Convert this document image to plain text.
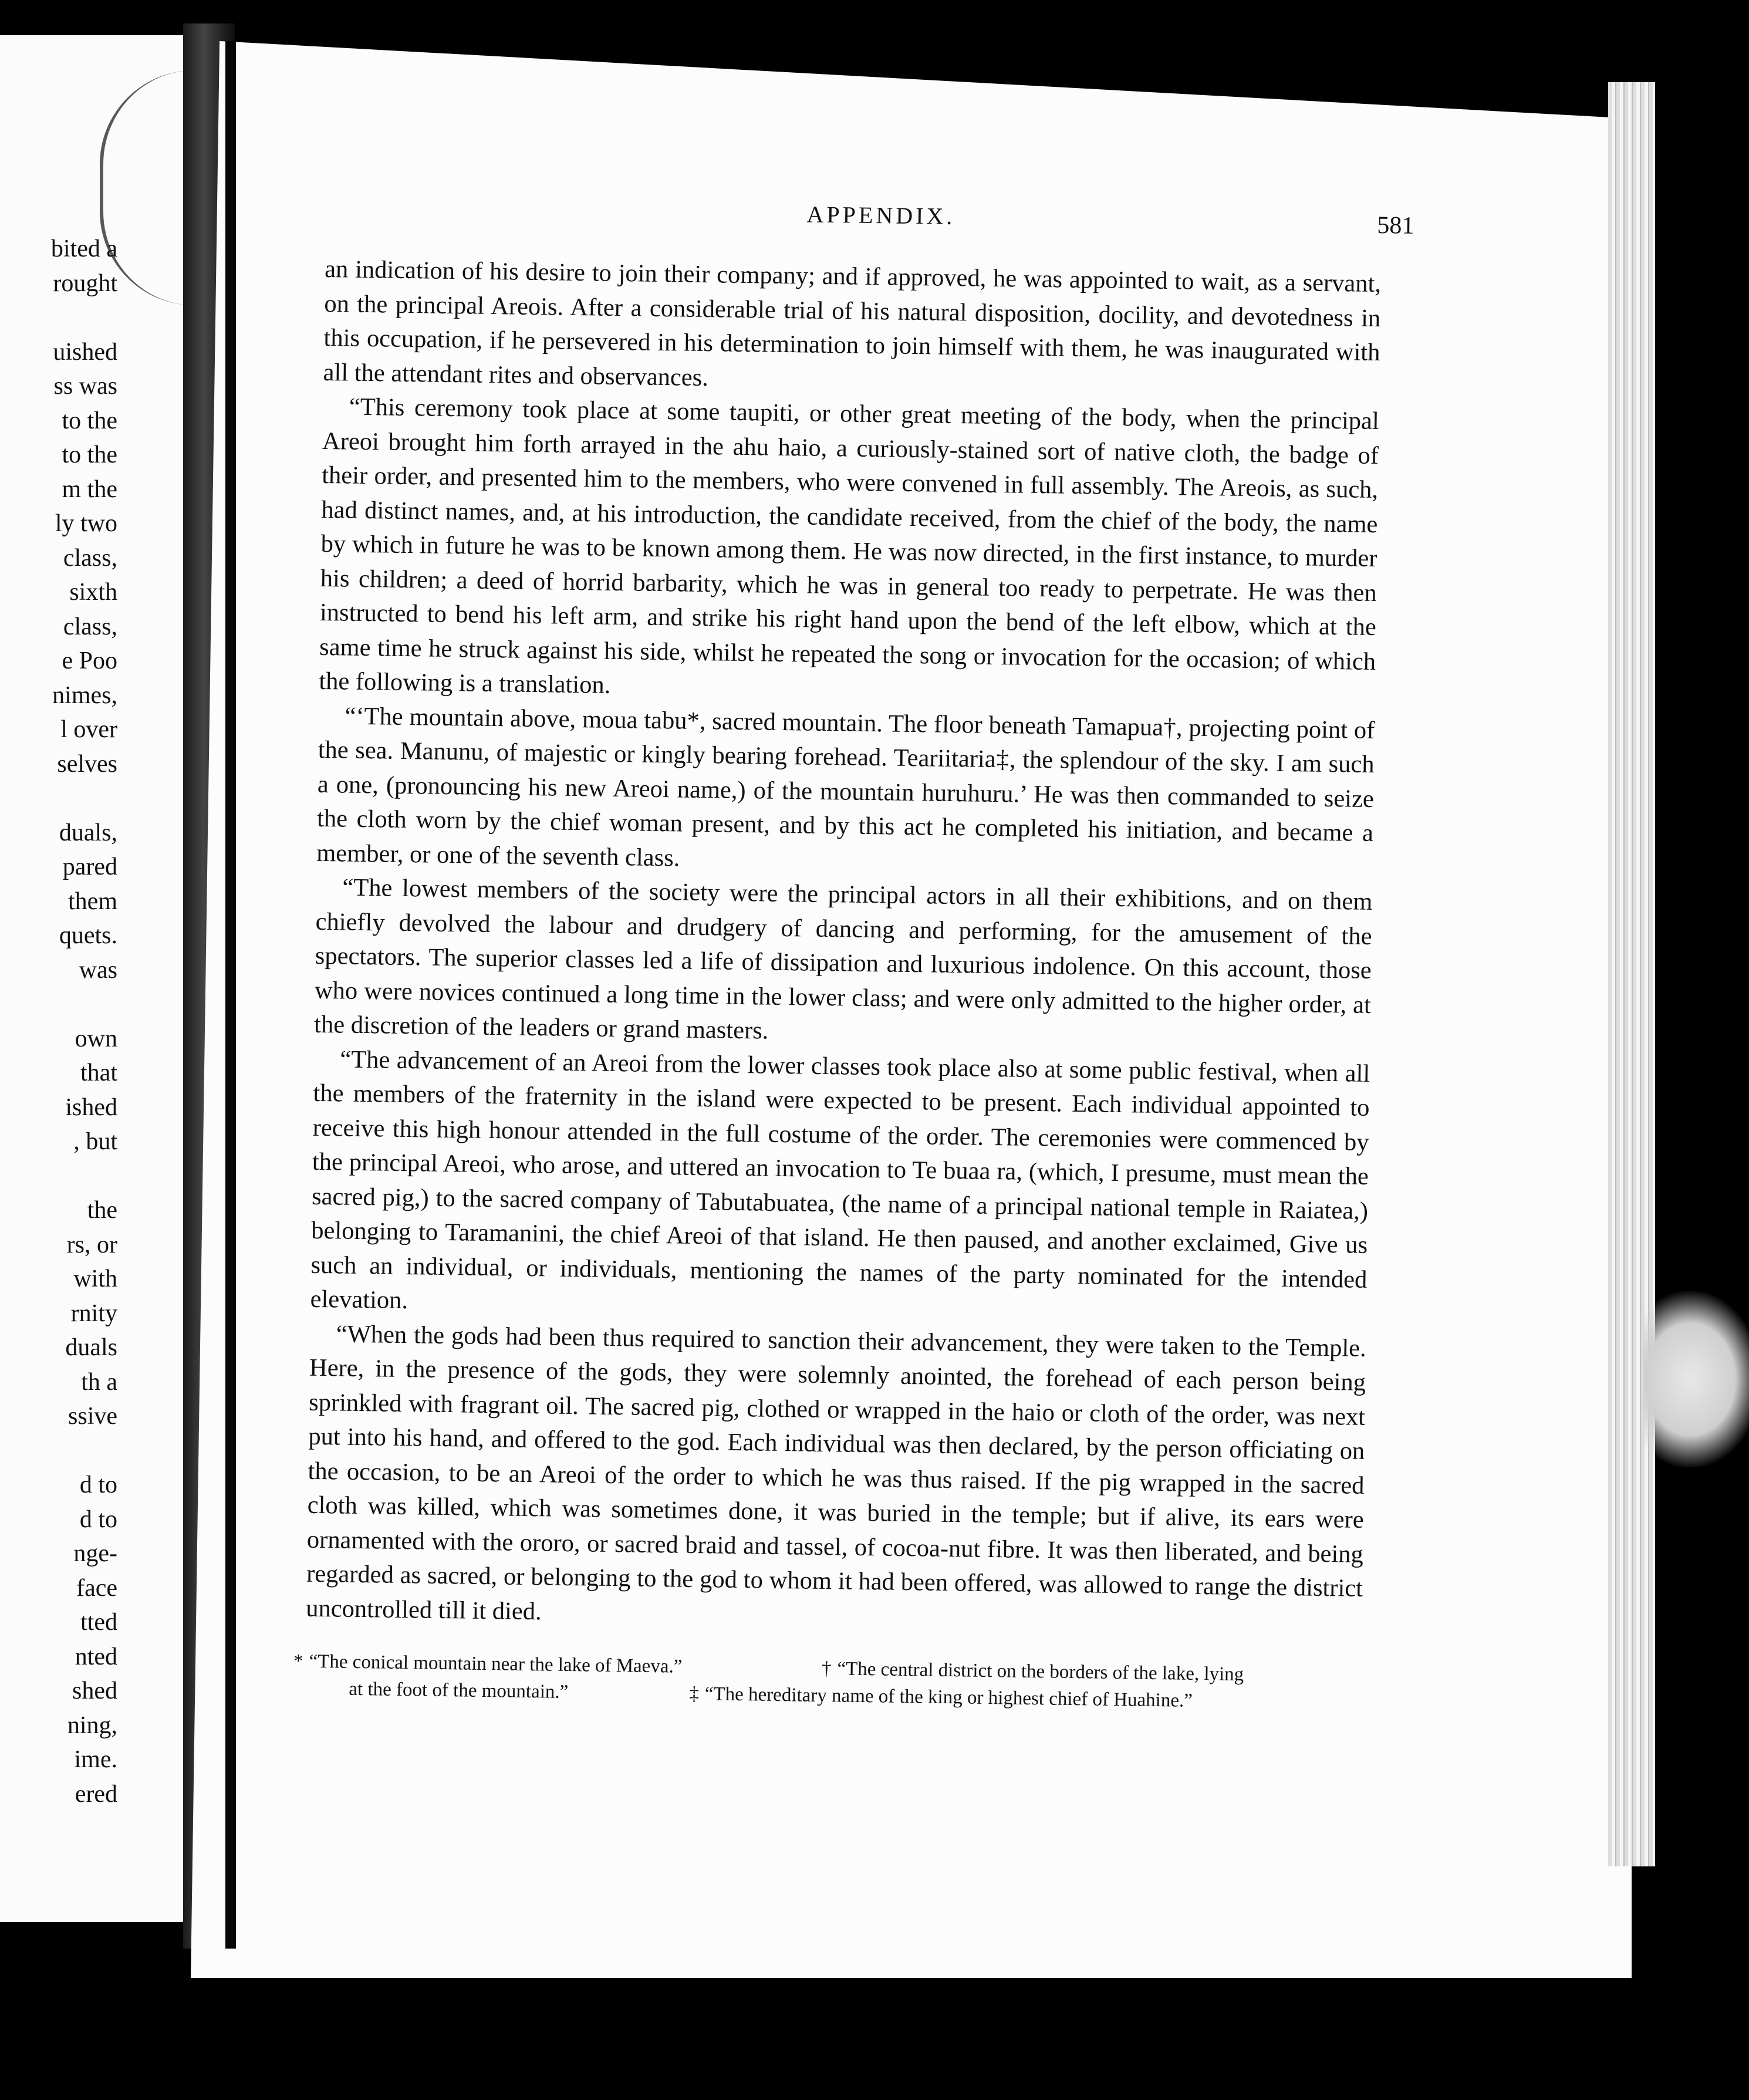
bited a
rought
uished
ss was
to the
to the
m the
ly two
class,
sixth
class,
e Poo
nimes,
l over
selves
duals,
pared
them
quets.
was
own
that
ished
, but
the
rs, or
with
rnity
duals
th a
ssive
d to
d to
nge-
face
tted
nted
shed
ning,
ime.
ered
APPENDIX.	581

an indication of his desire to join their company; and if approved, he was appointed to wait, as a servant, on the principal Areois. After a considerable trial of his natural disposition, docility, and devotedness in this occupation, if he persevered in his determination to join himself with them, he was inaugurated with all the attendant rites and observances.

“This ceremony took place at some taupiti, or other great meeting of the body, when the principal Areoi brought him forth arrayed in the ahu haio, a curiously-stained sort of native cloth, the badge of their order, and presented him to the members, who were convened in full assembly. The Areois, as such, had distinct names, and, at his introduction, the candidate received, from the chief of the body, the name by which in future he was to be known among them. He was now directed, in the first instance, to murder his children; a deed of horrid barbarity, which he was in general too ready to perpetrate. He was then instructed to bend his left arm, and strike his right hand upon the bend of the left elbow, which at the same time he struck against his side, whilst he repeated the song or invocation for the occasion; of which the following is a translation.

“‘The mountain above, moua tabu*, sacred mountain. The floor beneath Tamapua†, projecting point of the sea. Manunu, of majestic or kingly bearing forehead. Teariitaria‡, the splendour of the sky. I am such a one, (pronouncing his new Areoi name,) of the mountain huruhuru.’ He was then commanded to seize the cloth worn by the chief woman present, and by this act he completed his initiation, and became a member, or one of the seventh class.

“The lowest members of the society were the principal actors in all their exhibitions, and on them chiefly devolved the labour and drudgery of dancing and performing, for the amusement of the spectators. The superior classes led a life of dissipation and luxurious indolence. On this account, those who were novices continued a long time in the lower class; and were only admitted to the higher order, at the discretion of the leaders or grand masters.

“The advancement of an Areoi from the lower classes took place also at some public festival, when all the members of the fraternity in the island were expected to be present. Each individual appointed to receive this high honour attended in the full costume of the order. The ceremonies were commenced by the principal Areoi, who arose, and uttered an invocation to Te buaa ra, (which, I presume, must mean the sacred pig,) to the sacred company of Tabutabuatea, (the name of a principal national temple in Raiatea,) belonging to Taramanini, the chief Areoi of that island. He then paused, and another exclaimed, Give us such an individual, or individuals, mentioning the names of the party nominated for the intended elevation.

“When the gods had been thus required to sanction their advancement, they were taken to the Temple. Here, in the presence of the gods, they were solemnly anointed, the forehead of each person being sprinkled with fragrant oil. The sacred pig, clothed or wrapped in the haio or cloth of the order, was next put into his hand, and offered to the god. Each individual was then declared, by the person officiating on the occasion, to be an Areoi of the order to which he was thus raised. If the pig wrapped in the sacred cloth was killed, which was sometimes done, it was buried in the temple; but if alive, its ears were ornamented with the ororo, or sacred braid and tassel, of cocoa-nut fibre. It was then liberated, and being regarded as sacred, or belonging to the god to whom it had been offered, was allowed to range the district uncontrolled till it died.

* “The conical mountain near the lake of Maeva.”
at the foot of the mountain.”
† “The central district on the borders of the lake, lying
‡ “The hereditary name of the king or highest chief of Huahine.”
